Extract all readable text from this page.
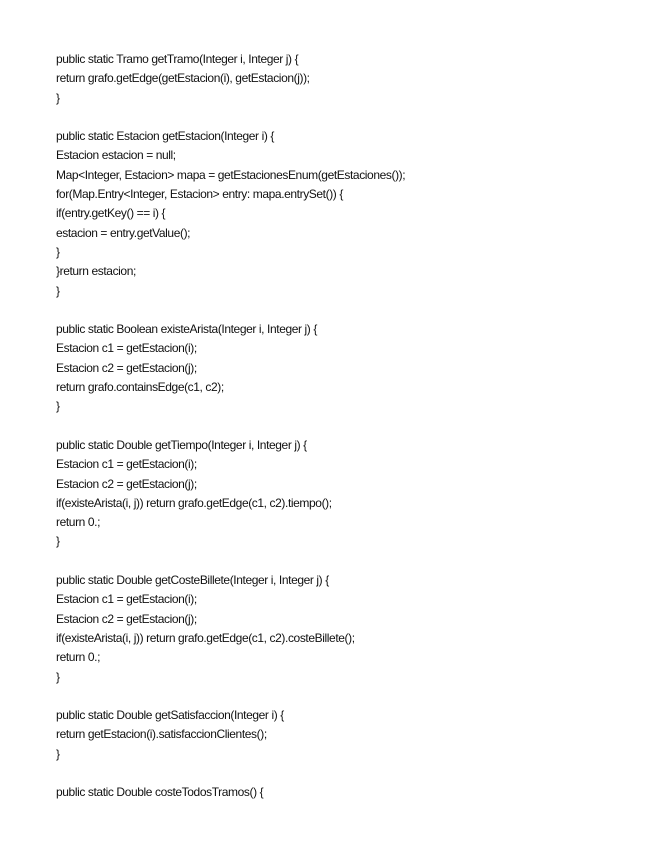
public static Tramo getTramo(Integer i, Integer j) {
return grafo.getEdge(getEstacion(i), getEstacion(j));
}
public static Estacion getEstacion(Integer i) {
Estacion estacion = null;
Map<Integer, Estacion> mapa = getEstacionesEnum(getEstaciones());
for(Map.Entry<Integer, Estacion> entry: mapa.entrySet()) {
if(entry.getKey() == i) {
estacion = entry.getValue();
}
}return estacion;
}
public static Boolean existeArista(Integer i, Integer j) {
Estacion c1 = getEstacion(i);
Estacion c2 = getEstacion(j);
return grafo.containsEdge(c1, c2);
}
public static Double getTiempo(Integer i, Integer j) {
Estacion c1 = getEstacion(i);
Estacion c2 = getEstacion(j);
if(existeArista(i, j)) return grafo.getEdge(c1, c2).tiempo();
return 0.;
}
public static Double getCosteBillete(Integer i, Integer j) {
Estacion c1 = getEstacion(i);
Estacion c2 = getEstacion(j);
if(existeArista(i, j)) return grafo.getEdge(c1, c2).costeBillete();
return 0.;
}
public static Double getSatisfaccion(Integer i) {
return getEstacion(i).satisfaccionClientes();
}
public static Double costeTodosTramos() {
